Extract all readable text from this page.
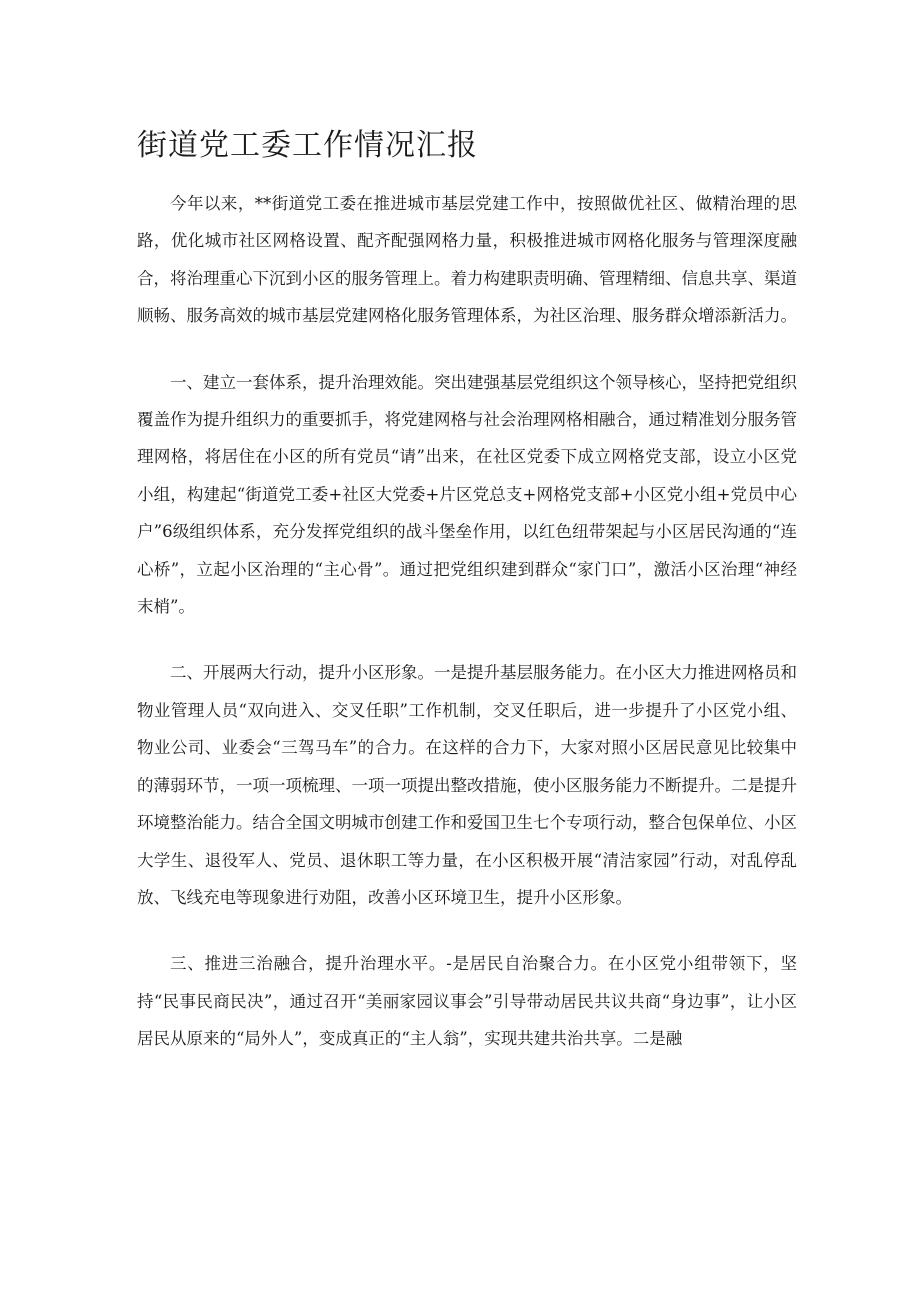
街道党工委工作情况汇报

今年以来，**街道党工委在推进城市基层党建工作中，按照做优社区、做精治理的思路，优化城市社区网格设置、配齐配强网格力量，积极推进城市网格化服务与管理深度融合，将治理重心下沉到小区的服务管理上。着力构建职责明确、管理精细、信息共享、渠道顺畅、服务高效的城市基层党建网格化服务管理体系，为社区治理、服务群众增添新活力。

一、建立一套体系，提升治理效能。突出建强基层党组织这个领导核心，坚持把党组织覆盖作为提升组织力的重要抓手，将党建网格与社会治理网格相融合，通过精准划分服务管理网格，将居住在小区的所有党员“请”出来，在社区党委下成立网格党支部，设立小区党小组，构建起“街道党工委+社区大党委+片区党总支+网格党支部+小区党小组+党员中心户”6级组织体系，充分发挥党组织的战斗堡垒作用，以红色纽带架起与小区居民沟通的“连心桥”，立起小区治理的“主心骨”。通过把党组织建到群众“家门口”，激活小区治理“神经末梢”。

二、开展两大行动，提升小区形象。一是提升基层服务能力。在小区大力推进网格员和物业管理人员“双向进入、交叉任职”工作机制，交叉任职后，进一步提升了小区党小组、物业公司、业委会“三驾马车”的合力。在这样的合力下，大家对照小区居民意见比较集中的薄弱环节，一项一项梳理、一项一项提出整改措施，使小区服务能力不断提升。二是提升环境整治能力。结合全国文明城市创建工作和爱国卫生七个专项行动，整合包保单位、小区大学生、退役军人、党员、退休职工等力量，在小区积极开展“清洁家园”行动，对乱停乱放、飞线充电等现象进行劝阻，改善小区环境卫生，提升小区形象。

三、推进三治融合，提升治理水平。-是居民自治聚合力。在小区党小组带领下，坚持“民事民商民决”，通过召开“美丽家园议事会”引导带动居民共议共商“身边事”，让小区居民从原来的“局外人”，变成真正的“主人翁”，实现共建共治共享。二是融
